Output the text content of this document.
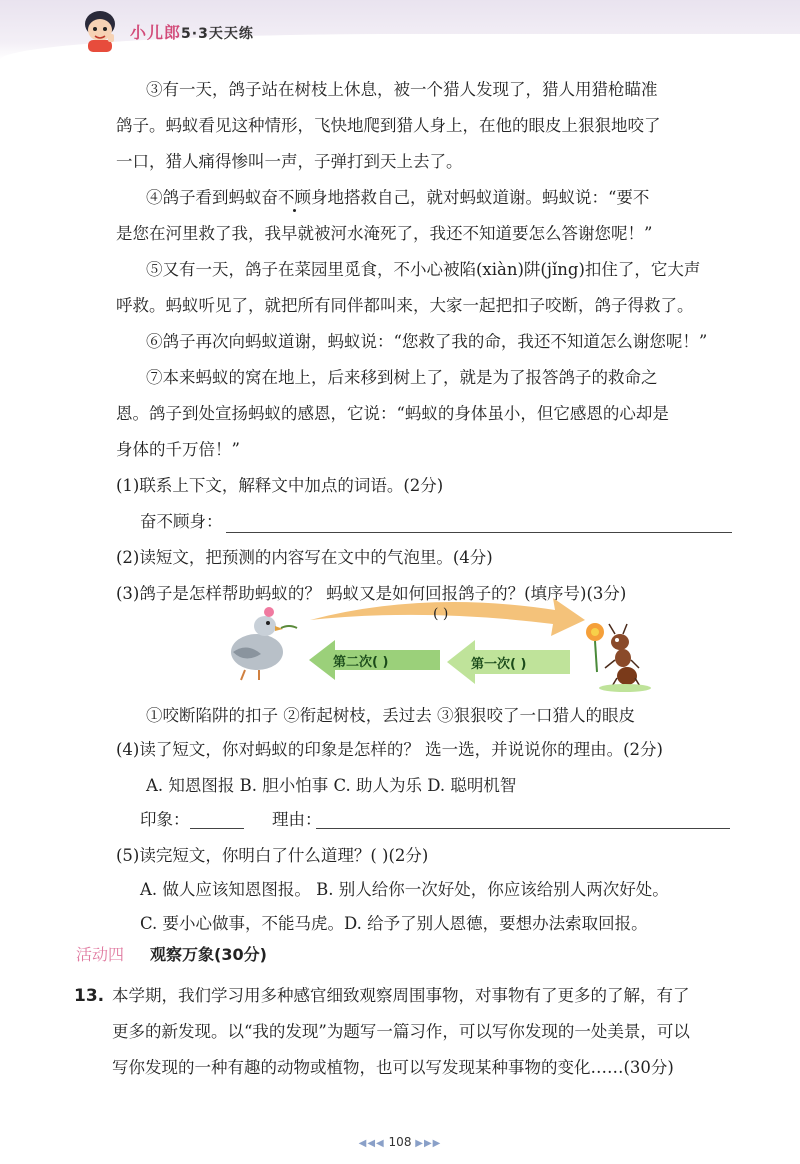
小儿郎5·3天天练
③有一天，鸽子站在树枝上休息，被一个猎人发现了，猎人用猎枪瞄准
鸽子。蚂蚁看见这种情形，飞快地爬到猎人身上，在他的眼皮上狠狠地咬了
一口，猎人痛得惨叫一声，子弹打到天上去了。
④鸽子看到蚂蚁奋不顾身地搭救自己，就对蚂蚁道谢。蚂蚁说：“要不
是您在河里救了我，我早就被河水淹死了，我还不知道要怎么答谢您呢！”
⑤又有一天，鸽子在菜园里觅食，不小心被陷(xiàn)阱(jǐng)扣住了，它大声
呼救。蚂蚁听见了，就把所有同伴都叫来，大家一起把扣子咬断，鸽子得救了。
⑥鸽子再次向蚂蚁道谢，蚂蚁说：“您救了我的命，我还不知道怎么谢您呢！”
⑦本来蚂蚁的窝在地上，后来移到树上了，就是为了报答鸽子的救命之
恩。鸽子到处宣扬蚂蚁的感恩，它说：“蚂蚁的身体虽小，但它感恩的心却是
身体的千万倍！”
(1)联系上下文，解释文中加点的词语。(2分)
奋不顾身：
(2)读短文，把预测的内容写在文中的气泡里。(4分)
(3)鸽子是怎样帮助蚂蚁的？ 蚂蚁又是如何回报鸽子的？(填序号)(3分)
( )
第二次( )	第一次( )
①咬断陷阱的扣子 ②衔起树枝，丢过去 ③狠狠咬了一口猎人的眼皮
(4)读了短文，你对蚂蚁的印象是怎样的？ 选一选，并说说你的理由。(2分)
A. 知恩图报 B. 胆小怕事 C. 助人为乐 D. 聪明机智
印象：	理由：
(5)读完短文，你明白了什么道理？( )(2分)
A. 做人应该知恩图报。 B. 别人给你一次好处，你应该给别人两次好处。
C. 要小心做事，不能马虎。D. 给予了别人恩德，要想办法索取回报。
活动四 观察万象(30分)
13. 本学期，我们学习用多种感官细致观察周围事物，对事物有了更多的了解，有了
更多的新发现。以“我的发现”为题写一篇习作，可以写你发现的一处美景，可以
写你发现的一种有趣的动物或植物，也可以写发现某种事物的变化……(30分)
◀◀◀ 108 ▶▶▶
